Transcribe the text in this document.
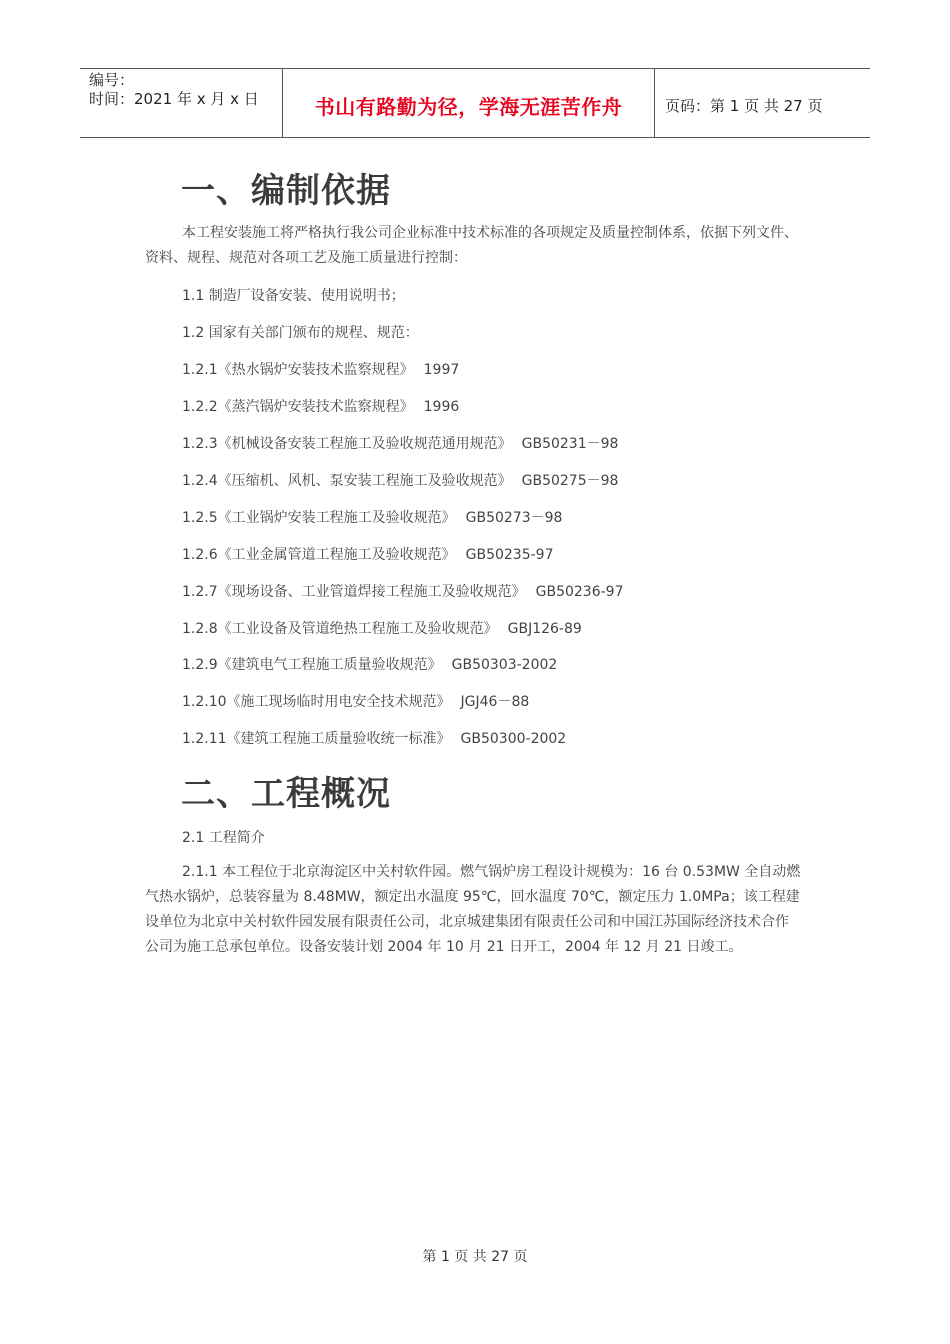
编号：
时间：2021 年 x 月 x 日	书山有路勤为径，学海无涯苦作舟	页码：第 1 页 共 27 页
一、编制依据
本工程安装施工将严格执行我公司企业标准中技术标准的各项规定及质量控制体系，依据下列文件、
资料、规程、规范对各项工艺及施工质量进行控制：
1.1 制造厂设备安装、使用说明书；
1.2 国家有关部门颁布的规程、规范：
1.2.1《热水锅炉安装技术监察规程》 1997
1.2.2《蒸汽锅炉安装技术监察规程》 1996
1.2.3《机械设备安装工程施工及验收规范通用规范》 GB50231－98
1.2.4《压缩机、风机、泵安装工程施工及验收规范》 GB50275－98
1.2.5《工业锅炉安装工程施工及验收规范》 GB50273－98
1.2.6《工业金属管道工程施工及验收规范》 GB50235-97
1.2.7《现场设备、工业管道焊接工程施工及验收规范》 GB50236-97
1.2.8《工业设备及管道绝热工程施工及验收规范》 GBJ126-89
1.2.9《建筑电气工程施工质量验收规范》 GB50303-2002
1.2.10《施工现场临时用电安全技术规范》 JGJ46－88
1.2.11《建筑工程施工质量验收统一标准》 GB50300-2002
二、工程概况
2.1 工程简介
2.1.1 本工程位于北京海淀区中关村软件园。燃气锅炉房工程设计规模为：16 台 0.53MW 全自动燃
气热水锅炉，总装容量为 8.48MW，额定出水温度 95℃，回水温度 70℃，额定压力 1.0MPa；该工程建
设单位为北京中关村软件园发展有限责任公司，北京城建集团有限责任公司和中国江苏国际经济技术合作
公司为施工总承包单位。设备安装计划 2004 年 10 月 21 日开工，2004 年 12 月 21 日竣工。
第 1 页 共 27 页
